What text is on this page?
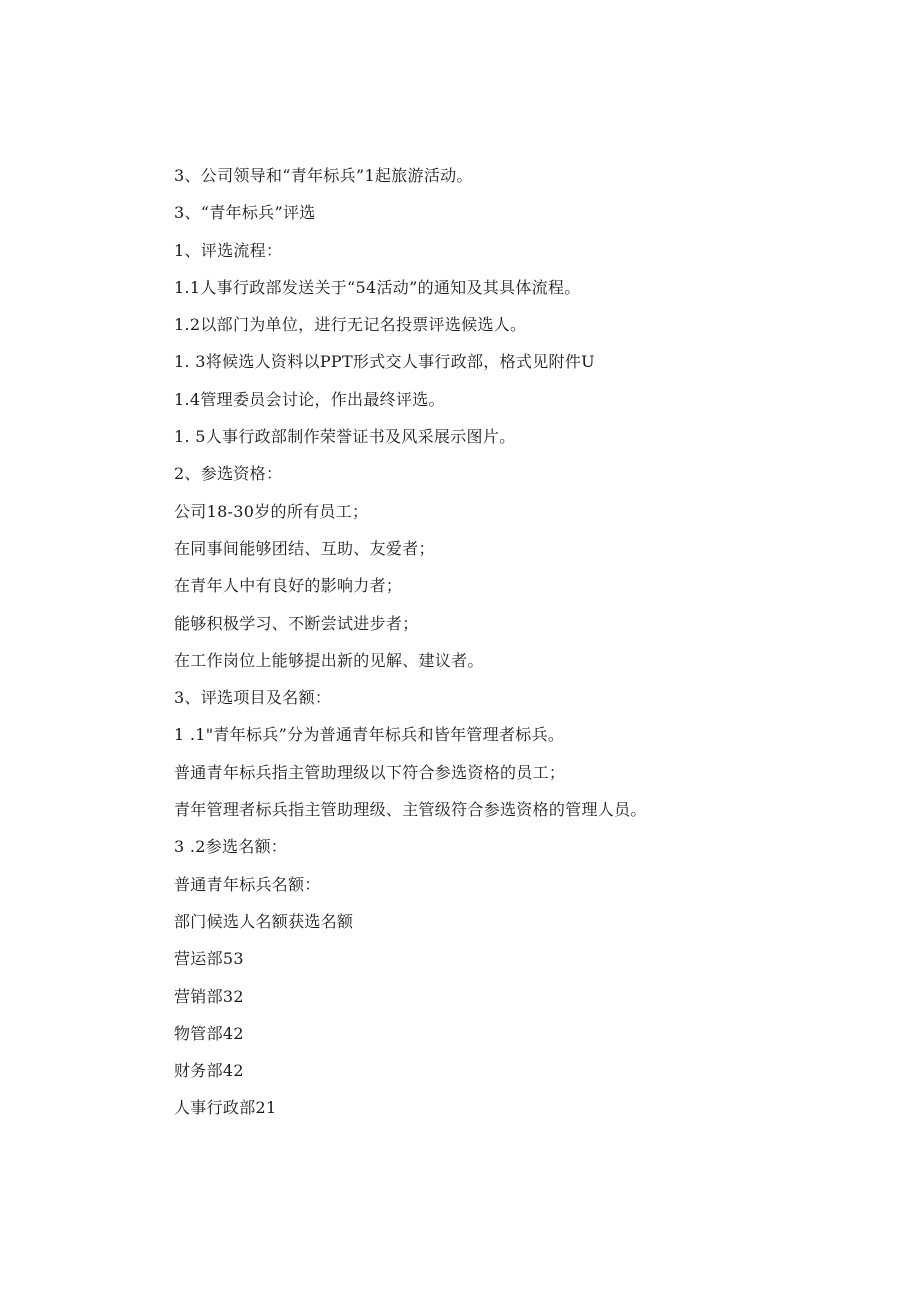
3、公司领导和“青年标兵”1起旅游活动。
3、“青年标兵”评选
1、评选流程：
1.1人事行政部发送关于“54活动”的通知及其具体流程。
1.2以部门为单位，进行无记名投票评选候选人。
1. 3将候选人资料以PPT形式交人事行政部，格式见附件U
1.4管理委员会讨论，作出最终评选。
1. 5人事行政部制作荣誉证书及风采展示图片。
2、参选资格：
公司18-30岁的所有员工；
在同事间能够团结、互助、友爱者；
在青年人中有良好的影响力者；
能够积极学习、不断尝试进步者；
在工作岗位上能够提出新的见解、建议者。
3、评选项目及名额：
1 .1"青年标兵”分为普通青年标兵和皆年管理者标兵。
普通青年标兵指主管助理级以下符合参选资格的员工；
青年管理者标兵指主管助理级、主管级符合参选资格的管理人员。
3 .2参选名额：
普通青年标兵名额：
部门候选人名额获选名额
营运部53
营销部32
物管部42
财务部42
人事行政部21
